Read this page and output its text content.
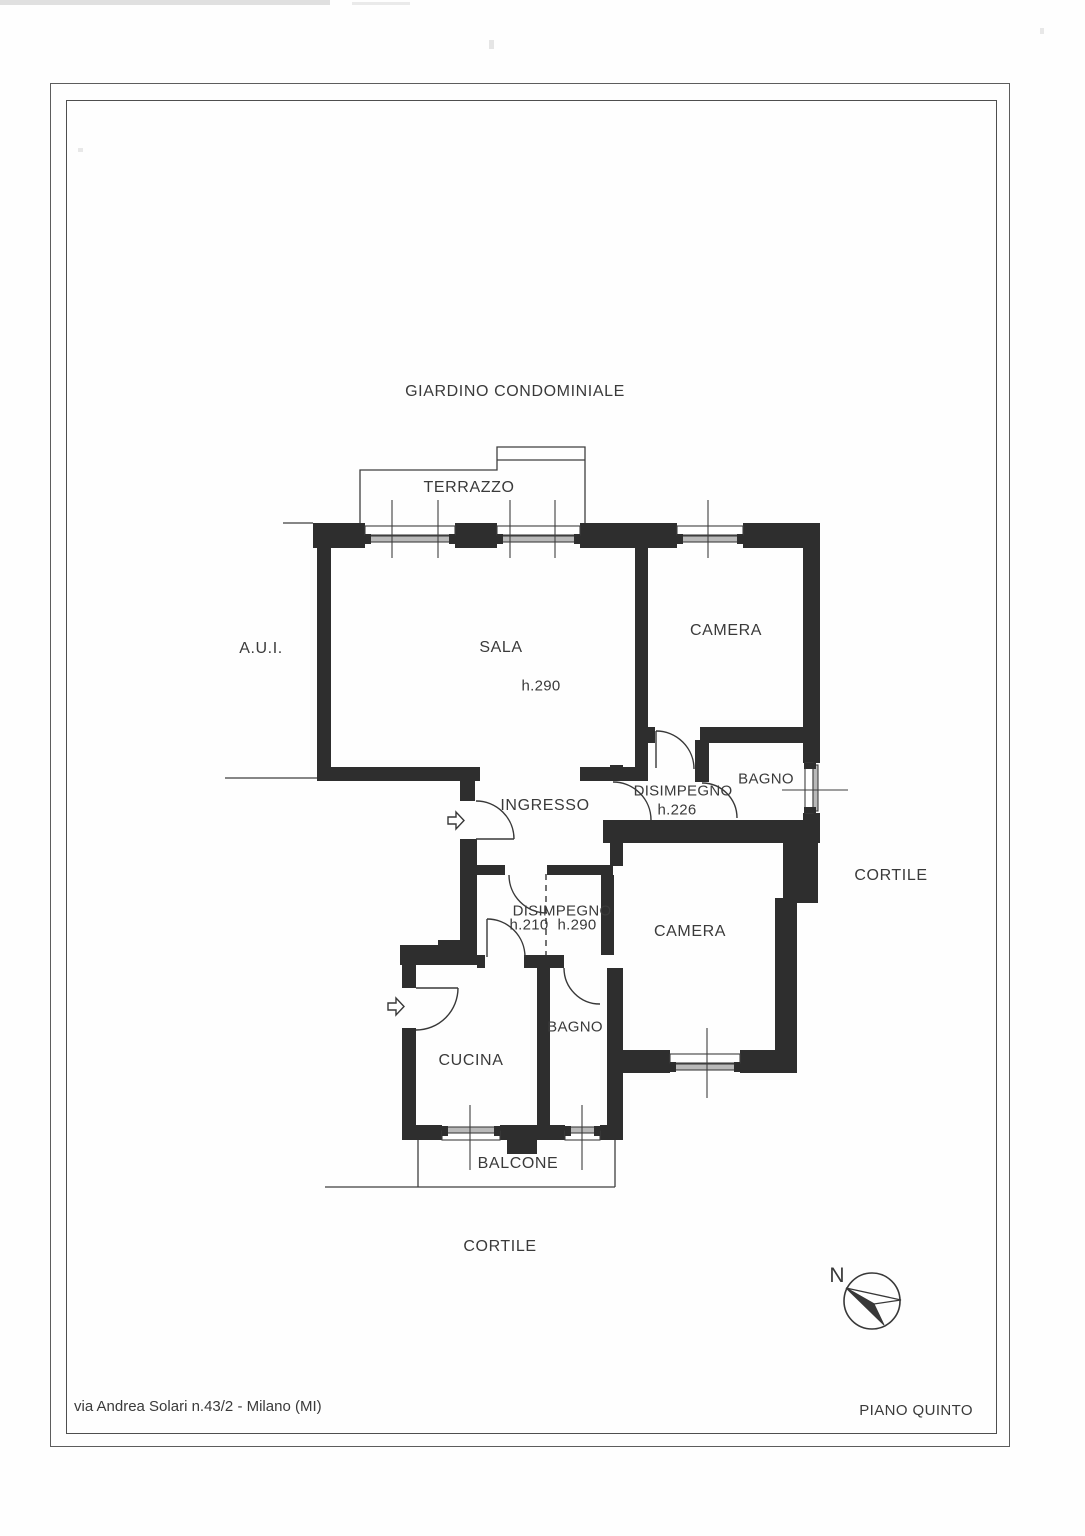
GIARDINO CONDOMINIALE
TERRAZZO
A.U.I.	SALA
h.290
CAMERA
BAGNO
DISIMPEGNO
h.226
INGRESSO
CORTILE
DISIMPEGNO
h.210 h.290	CAMERA
BAGNO
CUCINA
BALCONE
CORTILE
N
via Andrea Solari n.43/2 - Milano (MI)	PIANO QUINTO
